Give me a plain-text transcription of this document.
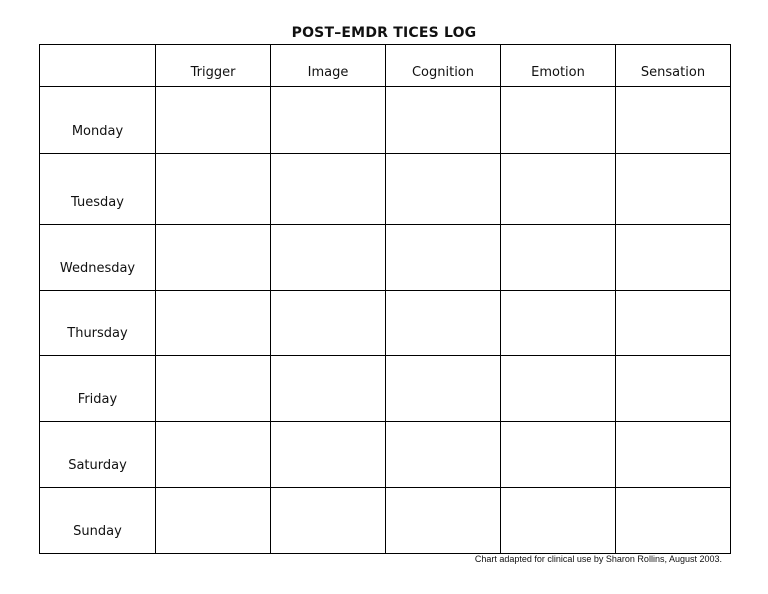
POST–EMDR TICES LOG
	Trigger	Image	Cognition	Emotion	Sensation
Monday					
Tuesday					
Wednesday					
Thursday					
Friday					
Saturday					
Sunday					
Chart adapted for clinical use by Sharon Rollins, August 2003.
